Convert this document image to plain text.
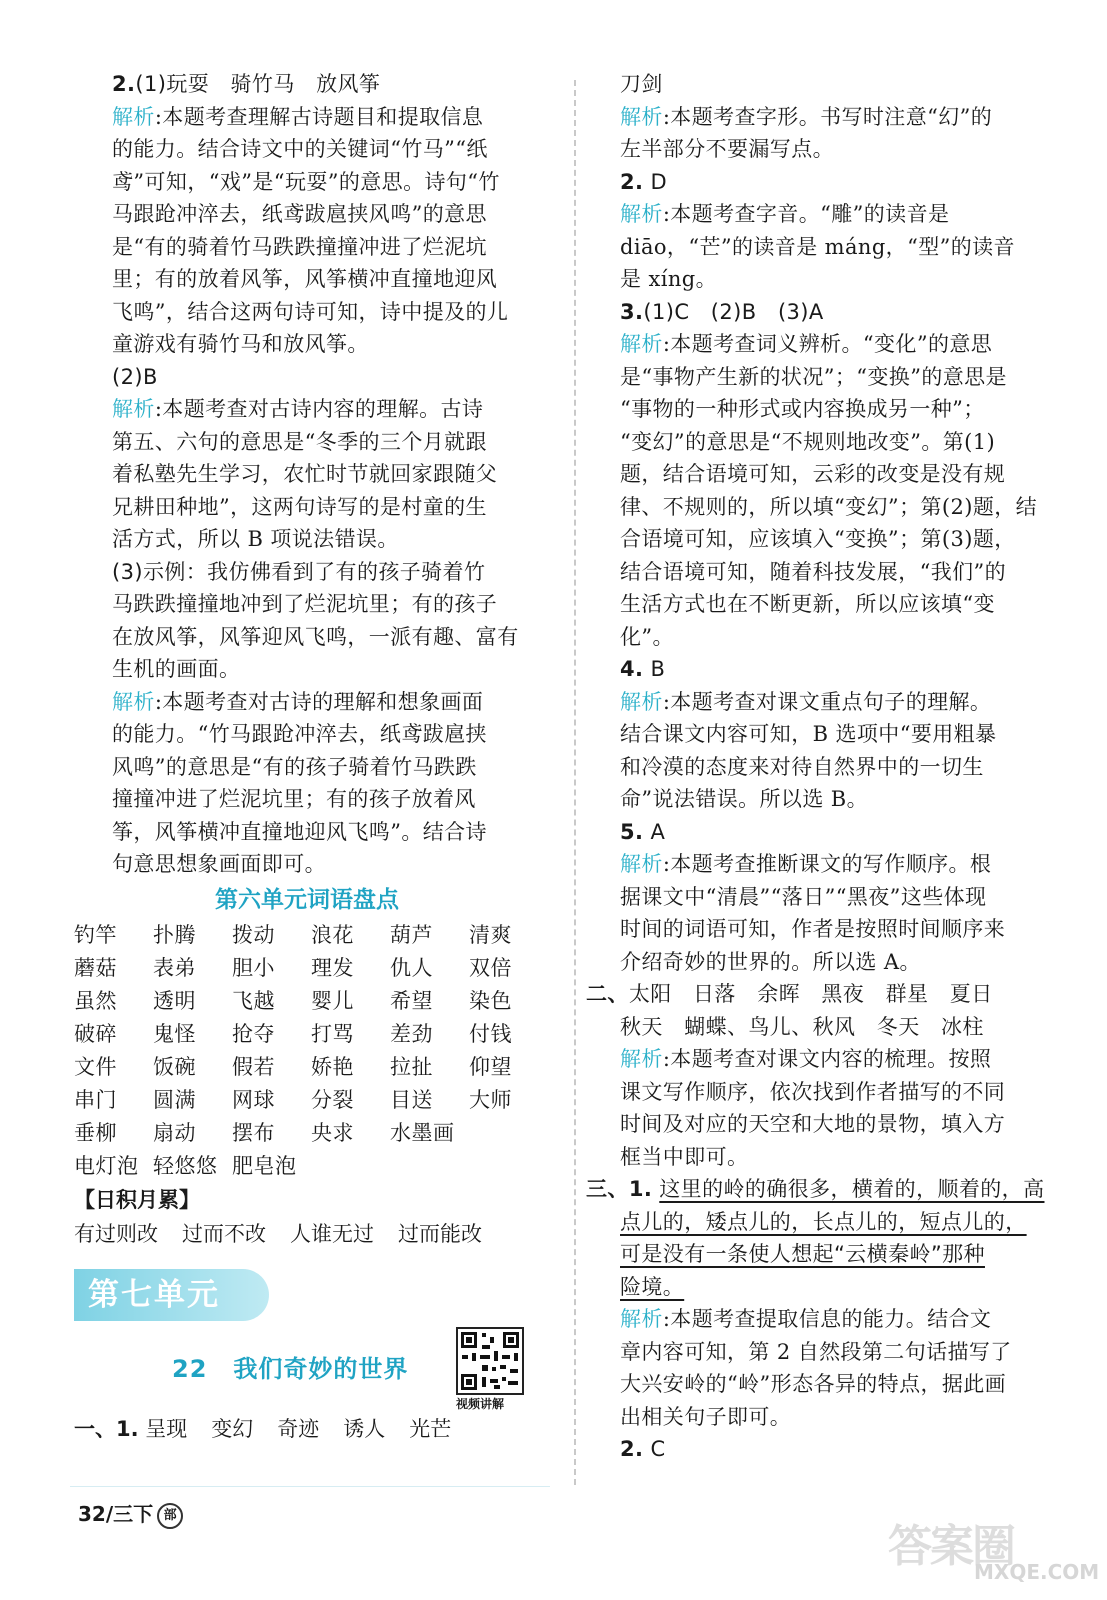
2.(1)玩耍　骑竹马　放风筝
解析:本题考查理解古诗题目和提取信息
的能力。结合诗文中的关键词“竹马”“纸
鸢”可知，“戏”是“玩耍”的意思。诗句“竹
马跟跄冲淬去，纸鸢跋扈挟风鸣”的意思
是“有的骑着竹马跌跌撞撞冲进了烂泥坑
里；有的放着风筝，风筝横冲直撞地迎风
飞鸣”，结合这两句诗可知，诗中提及的儿
童游戏有骑竹马和放风筝。
(2)B
解析:本题考查对古诗内容的理解。古诗
第五、六句的意思是“冬季的三个月就跟
着私塾先生学习，农忙时节就回家跟随父
兄耕田种地”，这两句诗写的是村童的生
活方式，所以 B 项说法错误。
(3)示例：我仿佛看到了有的孩子骑着竹
马跌跌撞撞地冲到了烂泥坑里；有的孩子
在放风筝，风筝迎风飞鸣，一派有趣、富有
生机的画面。
解析:本题考查对古诗的理解和想象画面
的能力。“竹马跟跄冲淬去，纸鸢跋扈挟
风鸣”的意思是“有的孩子骑着竹马跌跌
撞撞冲进了烂泥坑里；有的孩子放着风
筝，风筝横冲直撞地迎风飞鸣”。结合诗
句意思想象画面即可。
第六单元词语盘点
钓竿	扑腾	拨动	浪花	葫芦	清爽
蘑菇	表弟	胆小	理发	仇人	双倍
虽然	透明	飞越	婴儿	希望	染色
破碎	鬼怪	抢夺	打骂	差劲	付钱
文件	饭碗	假若	娇艳	拉扯	仰望
串门	圆满	网球	分裂	目送	大师
垂柳	扇动	摆布	央求	水墨画
电灯泡 轻悠悠 肥皂泡
【日积月累】
有过则改 过而不改 人谁无过 过而能改
第七单元
22 我们奇妙的世界
视频讲解
一、1. 呈现 变幻 奇迹 诱人 光芒
刀剑
解析:本题考查字形。书写时注意“幻”的
左半部分不要漏写点。
2. D
解析:本题考查字音。“雕”的读音是
diāo，“芒”的读音是 máng，“型”的读音
是 xíng。
3.(1)C　(2)B　(3)A
解析:本题考查词义辨析。“变化”的意思
是“事物产生新的状况”；“变换”的意思是
“事物的一种形式或内容换成另一种”；
“变幻”的意思是“不规则地改变”。第(1)
题，结合语境可知，云彩的改变是没有规
律、不规则的，所以填“变幻”；第(2)题，结
合语境可知，应该填入“变换”；第(3)题，
结合语境可知，随着科技发展，“我们”的
生活方式也在不断更新，所以应该填“变
化”。
4. B
解析:本题考查对课文重点句子的理解。
结合课文内容可知，B 选项中“要用粗暴
和冷漠的态度来对待自然界中的一切生
命”说法错误。所以选 B。
5. A
解析:本题考查推断课文的写作顺序。根
据课文中“清晨”“落日”“黑夜”这些体现
时间的词语可知，作者是按照时间顺序来
介绍奇妙的世界的。所以选 A。
二、太阳　日落　余晖　黑夜　群星　夏日
秋天　蝴蝶、鸟儿、秋风　冬天　冰柱
解析:本题考查对课文内容的梳理。按照
课文写作顺序，依次找到作者描写的不同
时间及对应的天空和大地的景物，填入方
框当中即可。
三、1. 这里的岭的确很多，横着的，顺着的，高
点儿的，矮点儿的，长点儿的，短点儿的，
可是没有一条使人想起“云横秦岭”那种
险境。
解析:本题考查提取信息的能力。结合文
章内容可知，第 2 自然段第二句话描写了
大兴安岭的“岭”形态各异的特点，据此画
出相关句子即可。
2. C
32/三下 部
答案圈
MXQE.COM
